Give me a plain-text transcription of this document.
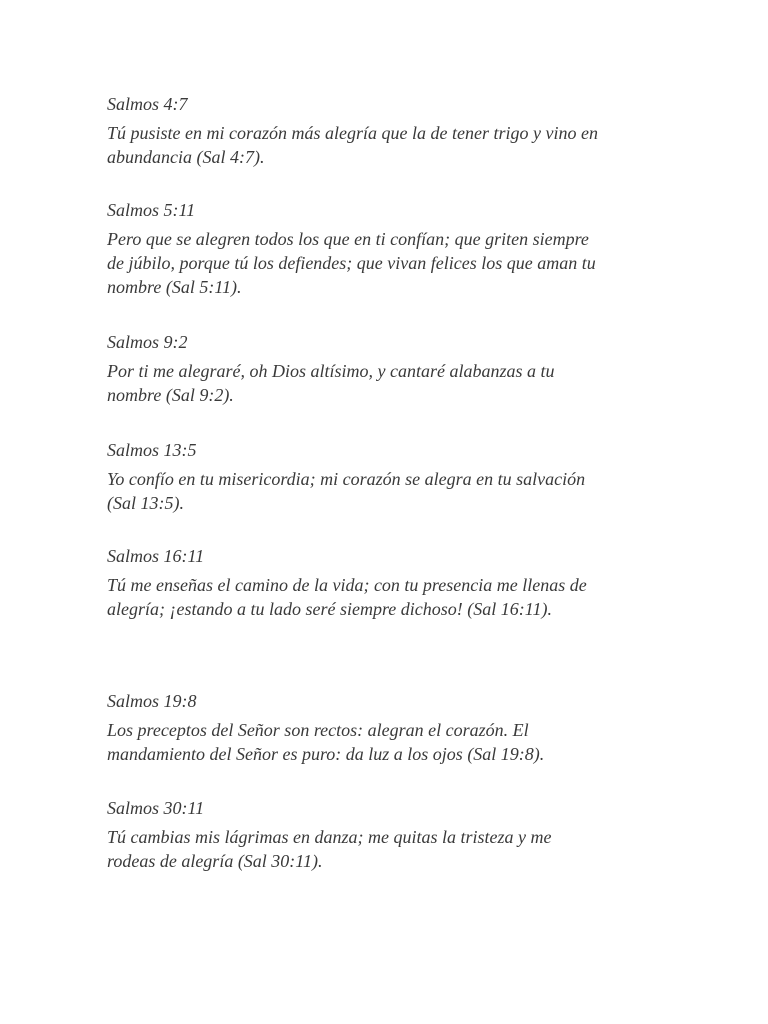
Salmos 4:7
Tú pusiste en mi corazón más alegría que la de tener trigo y vino en
abundancia (Sal 4:7).
Salmos 5:11
Pero que se alegren todos los que en ti confían; que griten siempre
de júbilo, porque tú los defiendes; que vivan felices los que aman tu
nombre (Sal 5:11).
Salmos 9:2
Por ti me alegraré, oh Dios altísimo, y cantaré alabanzas a tu
nombre (Sal 9:2).
Salmos 13:5
Yo confío en tu misericordia; mi corazón se alegra en tu salvación
(Sal 13:5).
Salmos 16:11
Tú me enseñas el camino de la vida; con tu presencia me llenas de
alegría; ¡estando a tu lado seré siempre dichoso! (Sal 16:11).
Salmos 19:8
Los preceptos del Señor son rectos: alegran el corazón. El
mandamiento del Señor es puro: da luz a los ojos (Sal 19:8).
Salmos 30:11
Tú cambias mis lágrimas en danza; me quitas la tristeza y me
rodeas de alegría (Sal 30:11).
